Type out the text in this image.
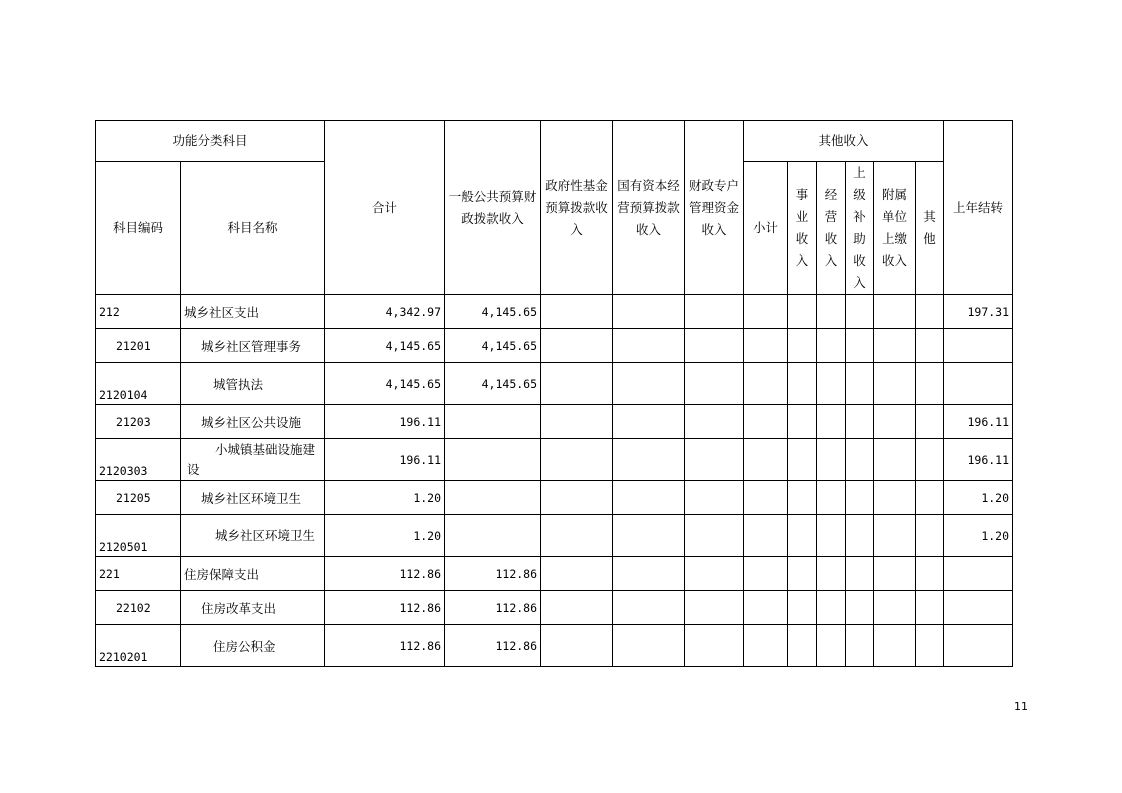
功能分类科目		合计	一般公共预算财政拨款收入	政府性基金预算拨款收入	国有资本经营预算拨款收入	财政专户管理资金收入	其他收入						上年结转
科目编码	科目名称						小计	事业收入	经营收入	上级补助收入	附属单位上缴收入	其他	
212	城乡社区支出	4,342.97	4,145.65										197.31
21201	城乡社区管理事务	4,145.65	4,145.65										
2120104	城管执法	4,145.65	4,145.65										
21203	城乡社区公共设施	196.11											196.11
2120303	小城镇基础设施建设	196.11											196.11
21205	城乡社区环境卫生	1.20											1.20
2120501	城乡社区环境卫生	1.20											1.20
221	住房保障支出	112.86	112.86										
22102	住房改革支出	112.86	112.86										
2210201	住房公积金	112.86	112.86										
11
